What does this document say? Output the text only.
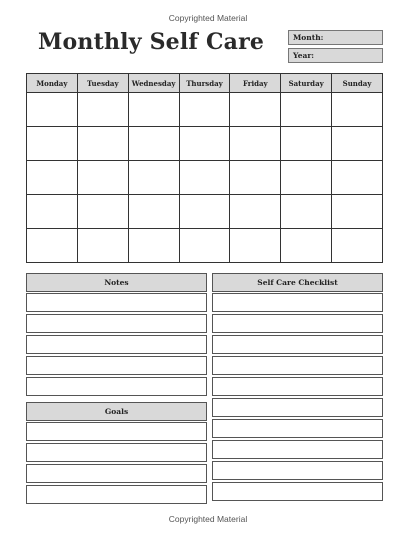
Copyrighted Material
Monthly Self Care	Month:
Year:
Monday	Tuesday	Wednesday	Thursday	Friday	Saturday	Sunday

Notes
Goals
Self Care Checklist
Copyrighted Material
